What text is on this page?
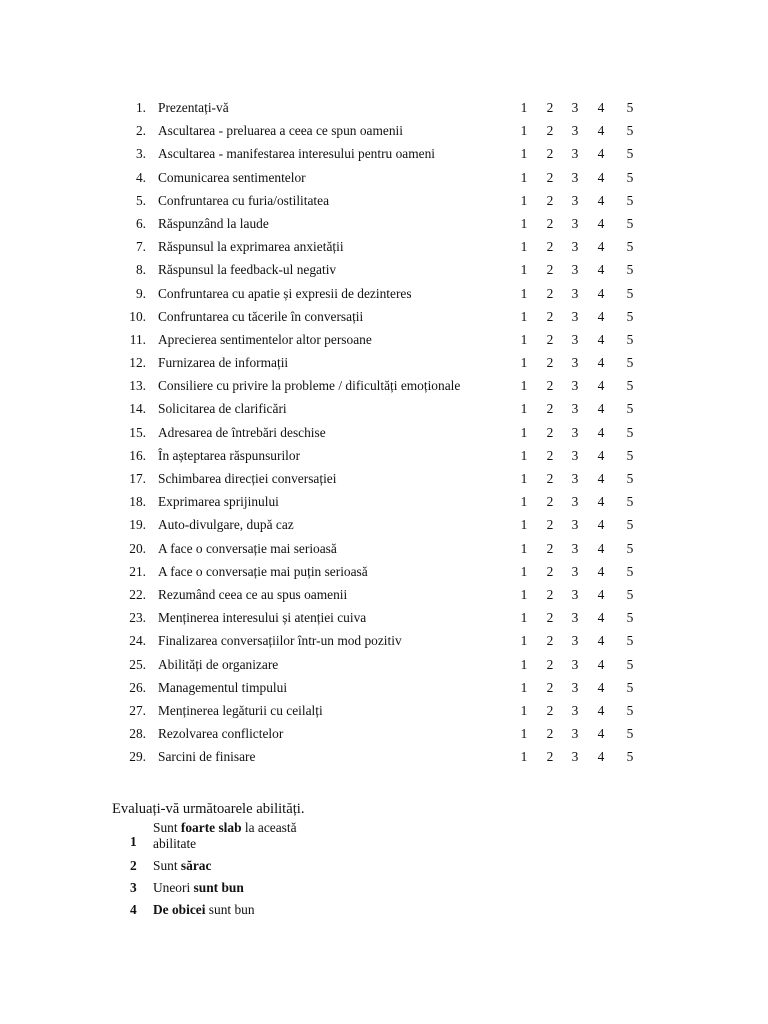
1. Prezentați-vă	1 2 3 4 5
2. Ascultarea - preluarea a ceea ce spun oamenii	1 2 3 4 5
3. Ascultarea - manifestarea interesului pentru oameni	1 2 3 4 5
4. Comunicarea sentimentelor	1 2 3 4 5
5. Confruntarea cu furia/ostilitatea	1 2 3 4 5
6. Răspunzând la laude	1 2 3 4 5
7. Răspunsul la exprimarea anxietății	1 2 3 4 5
8. Răspunsul la feedback-ul negativ	1 2 3 4 5
9. Confruntarea cu apatie și expresii de dezinteres	1 2 3 4 5
10. Confruntarea cu tăcerile în conversații	1 2 3 4 5
11. Aprecierea sentimentelor altor persoane	1 2 3 4 5
12. Furnizarea de informații	1 2 3 4 5
13. Consiliere cu privire la probleme / dificultăți emoționale	1 2 3 4 5
14. Solicitarea de clarificări	1 2 3 4 5
15. Adresarea de întrebări deschise	1 2 3 4 5
16. În așteptarea răspunsurilor	1 2 3 4 5
17. Schimbarea direcției conversației	1 2 3 4 5
18. Exprimarea sprijinului	1 2 3 4 5
19. Auto-divulgare, după caz	1 2 3 4 5
20. A face o conversație mai serioasă	1 2 3 4 5
21. A face o conversație mai puțin serioasă	1 2 3 4 5
22. Rezumând ceea ce au spus oamenii	1 2 3 4 5
23. Menținerea interesului și atenției cuiva	1 2 3 4 5
24. Finalizarea conversațiilor într-un mod pozitiv	1 2 3 4 5
25. Abilități de organizare	1 2 3 4 5
26. Managementul timpului	1 2 3 4 5
27. Menținerea legăturii cu ceilalți	1 2 3 4 5
28. Rezolvarea conflictelor	1 2 3 4 5
29. Sarcini de finisare	1 2 3 4 5
Evaluați-vă următoarele abilități.
1
Sunt foarte slab la această abilitate
2 Sunt sărac
3 Uneori sunt bun
4 De obicei sunt bun
